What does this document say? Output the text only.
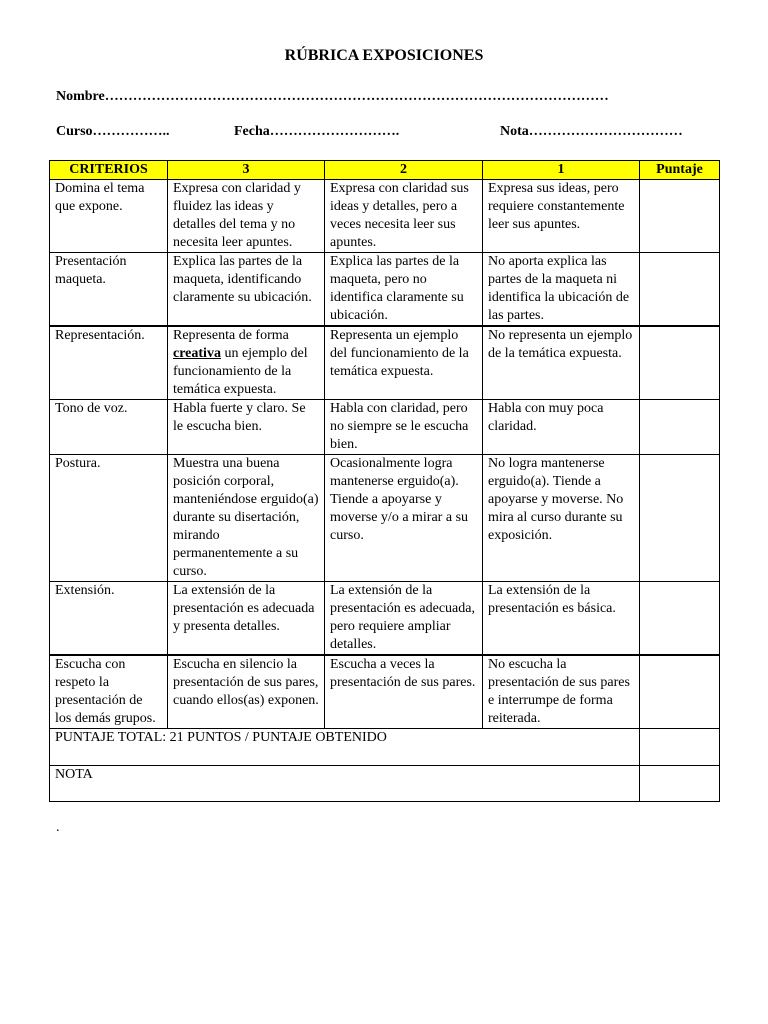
RÚBRICA EXPOSICIONES
Nombre………………………………………………………………………………………………
Curso……………..	Fecha……………………….	Nota……………………………
CRITERIOS	3	2	1	Puntaje
Domina el tema que expone.	Expresa con claridad y fluidez las ideas y detalles del tema y no necesita leer apuntes.	Expresa con claridad sus ideas y detalles, pero a veces necesita leer sus apuntes.	Expresa sus ideas, pero requiere constantemente leer sus apuntes.	
Presentación maqueta.	Explica las partes de la maqueta, identificando claramente su ubicación.	Explica las partes de la maqueta, pero no identifica claramente su ubicación.	No aporta explica las partes de la maqueta ni identifica la ubicación de las partes.	
Representación.	Representa de forma creativa un ejemplo del funcionamiento de la temática expuesta.	Representa un ejemplo del funcionamiento de la temática expuesta.	No representa un ejemplo de la temática expuesta.	
Tono de voz.	Habla fuerte y claro. Se le escucha bien.	Habla con claridad, pero no siempre se le escucha bien.	Habla con muy poca claridad.	
Postura.	Muestra una buena posición corporal, manteniéndose erguido(a) durante su disertación, mirando permanentemente a su curso.	Ocasionalmente logra mantenerse erguido(a). Tiende a apoyarse y moverse y/o a mirar a su curso.	No logra mantenerse erguido(a). Tiende a apoyarse y moverse. No mira al curso durante su exposición.	
Extensión.	La extensión de la presentación es adecuada y presenta detalles.	La extensión de la presentación es adecuada, pero requiere ampliar detalles.	La extensión de la presentación es básica.	
Escucha con respeto la presentación de los demás grupos.	Escucha en silencio la presentación de sus pares, cuando ellos(as) exponen.	Escucha a veces la presentación de sus pares.	No escucha la presentación de sus pares e interrumpe de forma reiterada.	
PUNTAJE TOTAL: 21 PUNTOS / PUNTAJE OBTENIDO				
NOTA				
.
